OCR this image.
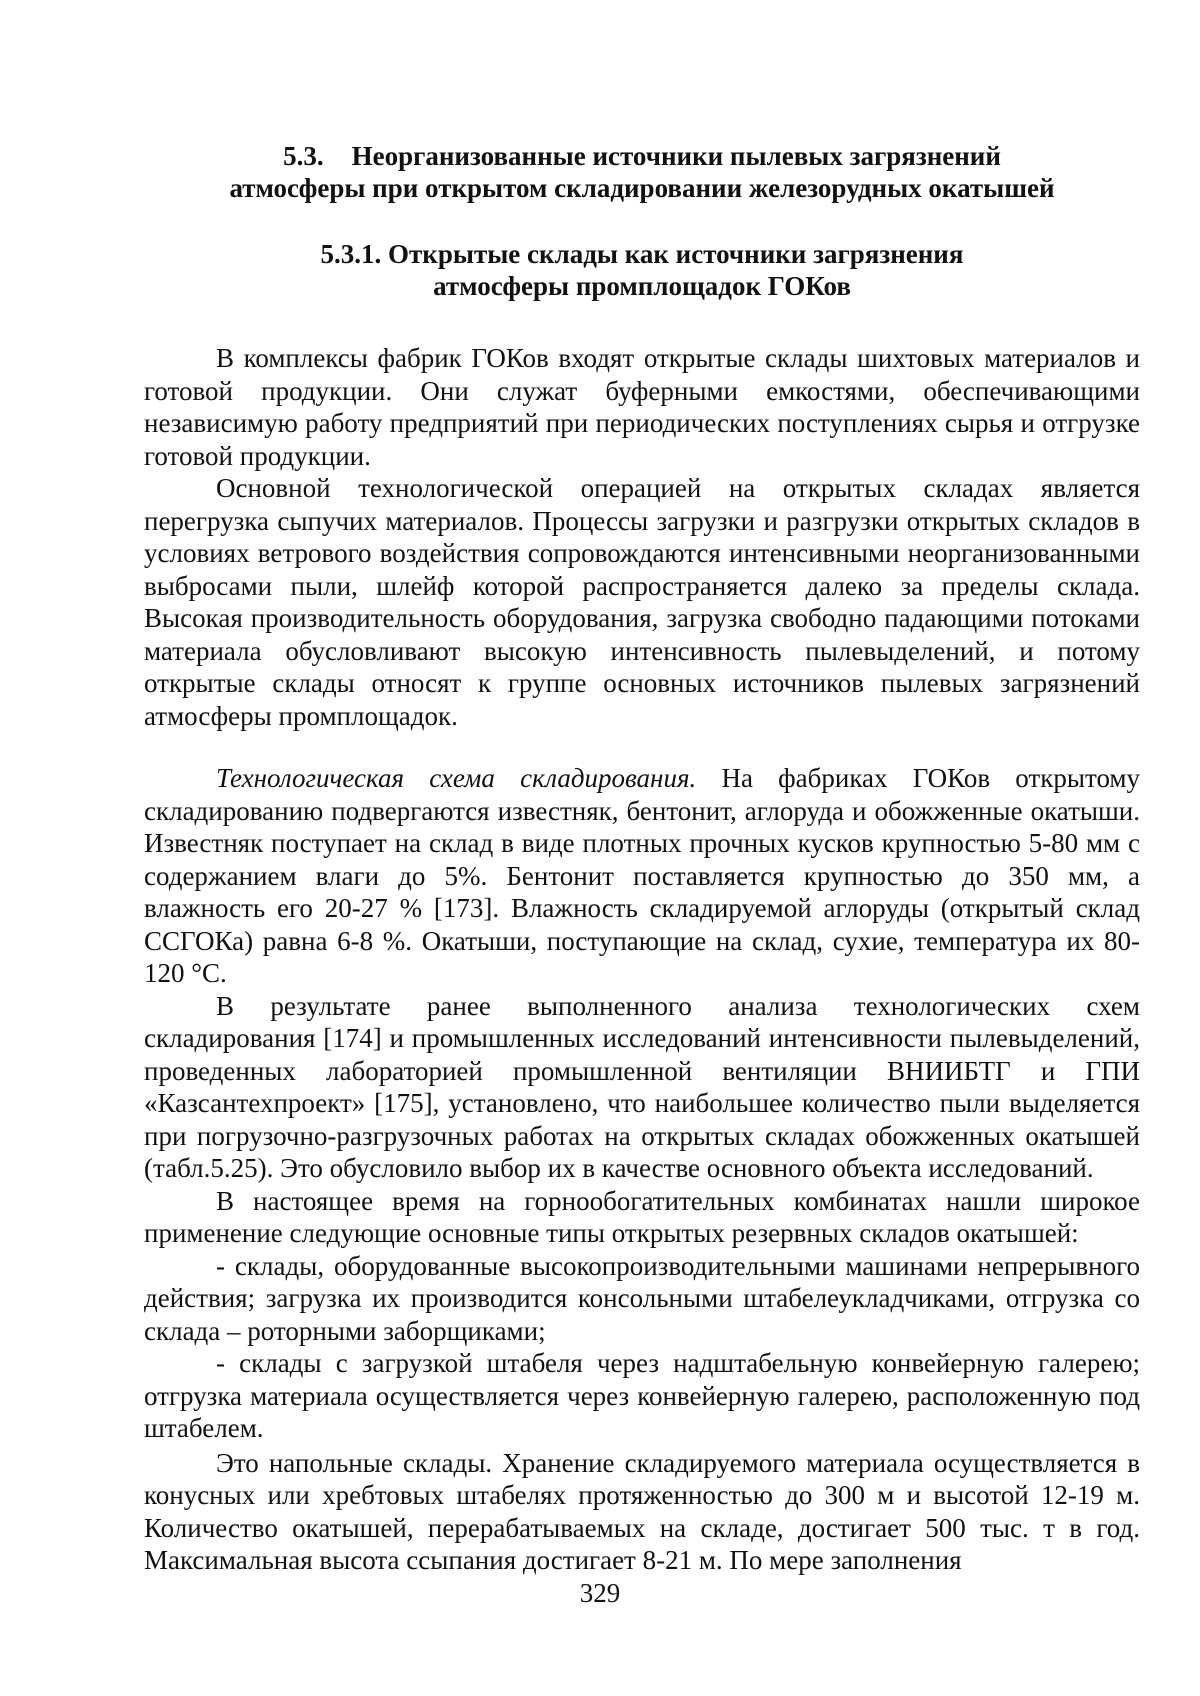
5.3. Неорганизованные источники пылевых загрязнений
атмосферы при открытом складировании железорудных окатышей
5.3.1. Открытые склады как источники загрязнения
атмосферы промплощадок ГОКов

В комплексы фабрик ГОКов входят открытые склады шихтовых материалов и готовой продукции. Они служат буферными емкостями, обеспечивающими независимую работу предприятий при периодических поступлениях сырья и отгрузке готовой продукции.

Основной технологической операцией на открытых складах является перегрузка сыпучих материалов. Процессы загрузки и разгрузки открытых складов в условиях ветрового воздействия сопровождаются интенсивными неорганизованными выбросами пыли, шлейф которой распространяется далеко за пределы склада. Высокая производительность оборудования, загрузка свободно падающими потоками материала обусловливают высокую интенсивность пылевыделений, и потому открытые склады относят к группе основных источников пылевых загрязнений атмосферы промплощадок.

Технологическая схема складирования. На фабриках ГОКов открытому складированию подвергаются известняк, бентонит, аглоруда и обожженные окатыши. Известняк поступает на склад в виде плотных прочных кусков крупностью 5-80 мм с содержанием влаги до 5%. Бентонит поставляется крупностью до 350 мм, а влажность его 20-27 % [173]. Влажность складируемой аглоруды (открытый склад ССГОКа) равна 6-8 %. Окатыши, поступающие на склад, сухие, температура их 80-120 °С.

В результате ранее выполненного анализа технологических схем складирования [174] и промышленных исследований интенсивности пылевыделений, проведенных лабораторией промышленной вентиляции ВНИИБТГ и ГПИ «Казсантехпроект» [175], установлено, что наибольшее количество пыли выделяется при погрузочно-разгрузочных работах на открытых складах обожженных окатышей (табл.5.25). Это обусловило выбор их в качестве основного объекта исследований.

В настоящее время на горнообогатительных комбинатах нашли широкое применение следующие основные типы открытых резервных складов окатышей:

- склады, оборудованные высокопроизводительными машинами непрерывного действия; загрузка их производится консольными штабелеукладчиками, отгрузка со склада – роторными заборщиками;

- склады с загрузкой штабеля через надштабельную конвейерную галерею; отгрузка материала осуществляется через конвейерную галерею, расположенную под штабелем.

Это напольные склады. Хранение складируемого материала осуществляется в конусных или хребтовых штабелях протяженностью до 300 м и высотой 12-19 м. Количество окатышей, перерабатываемых на складе, достигает 500 тыс. т в год. Максимальная высота ссыпания достигает 8-21 м. По мере заполнения

329
